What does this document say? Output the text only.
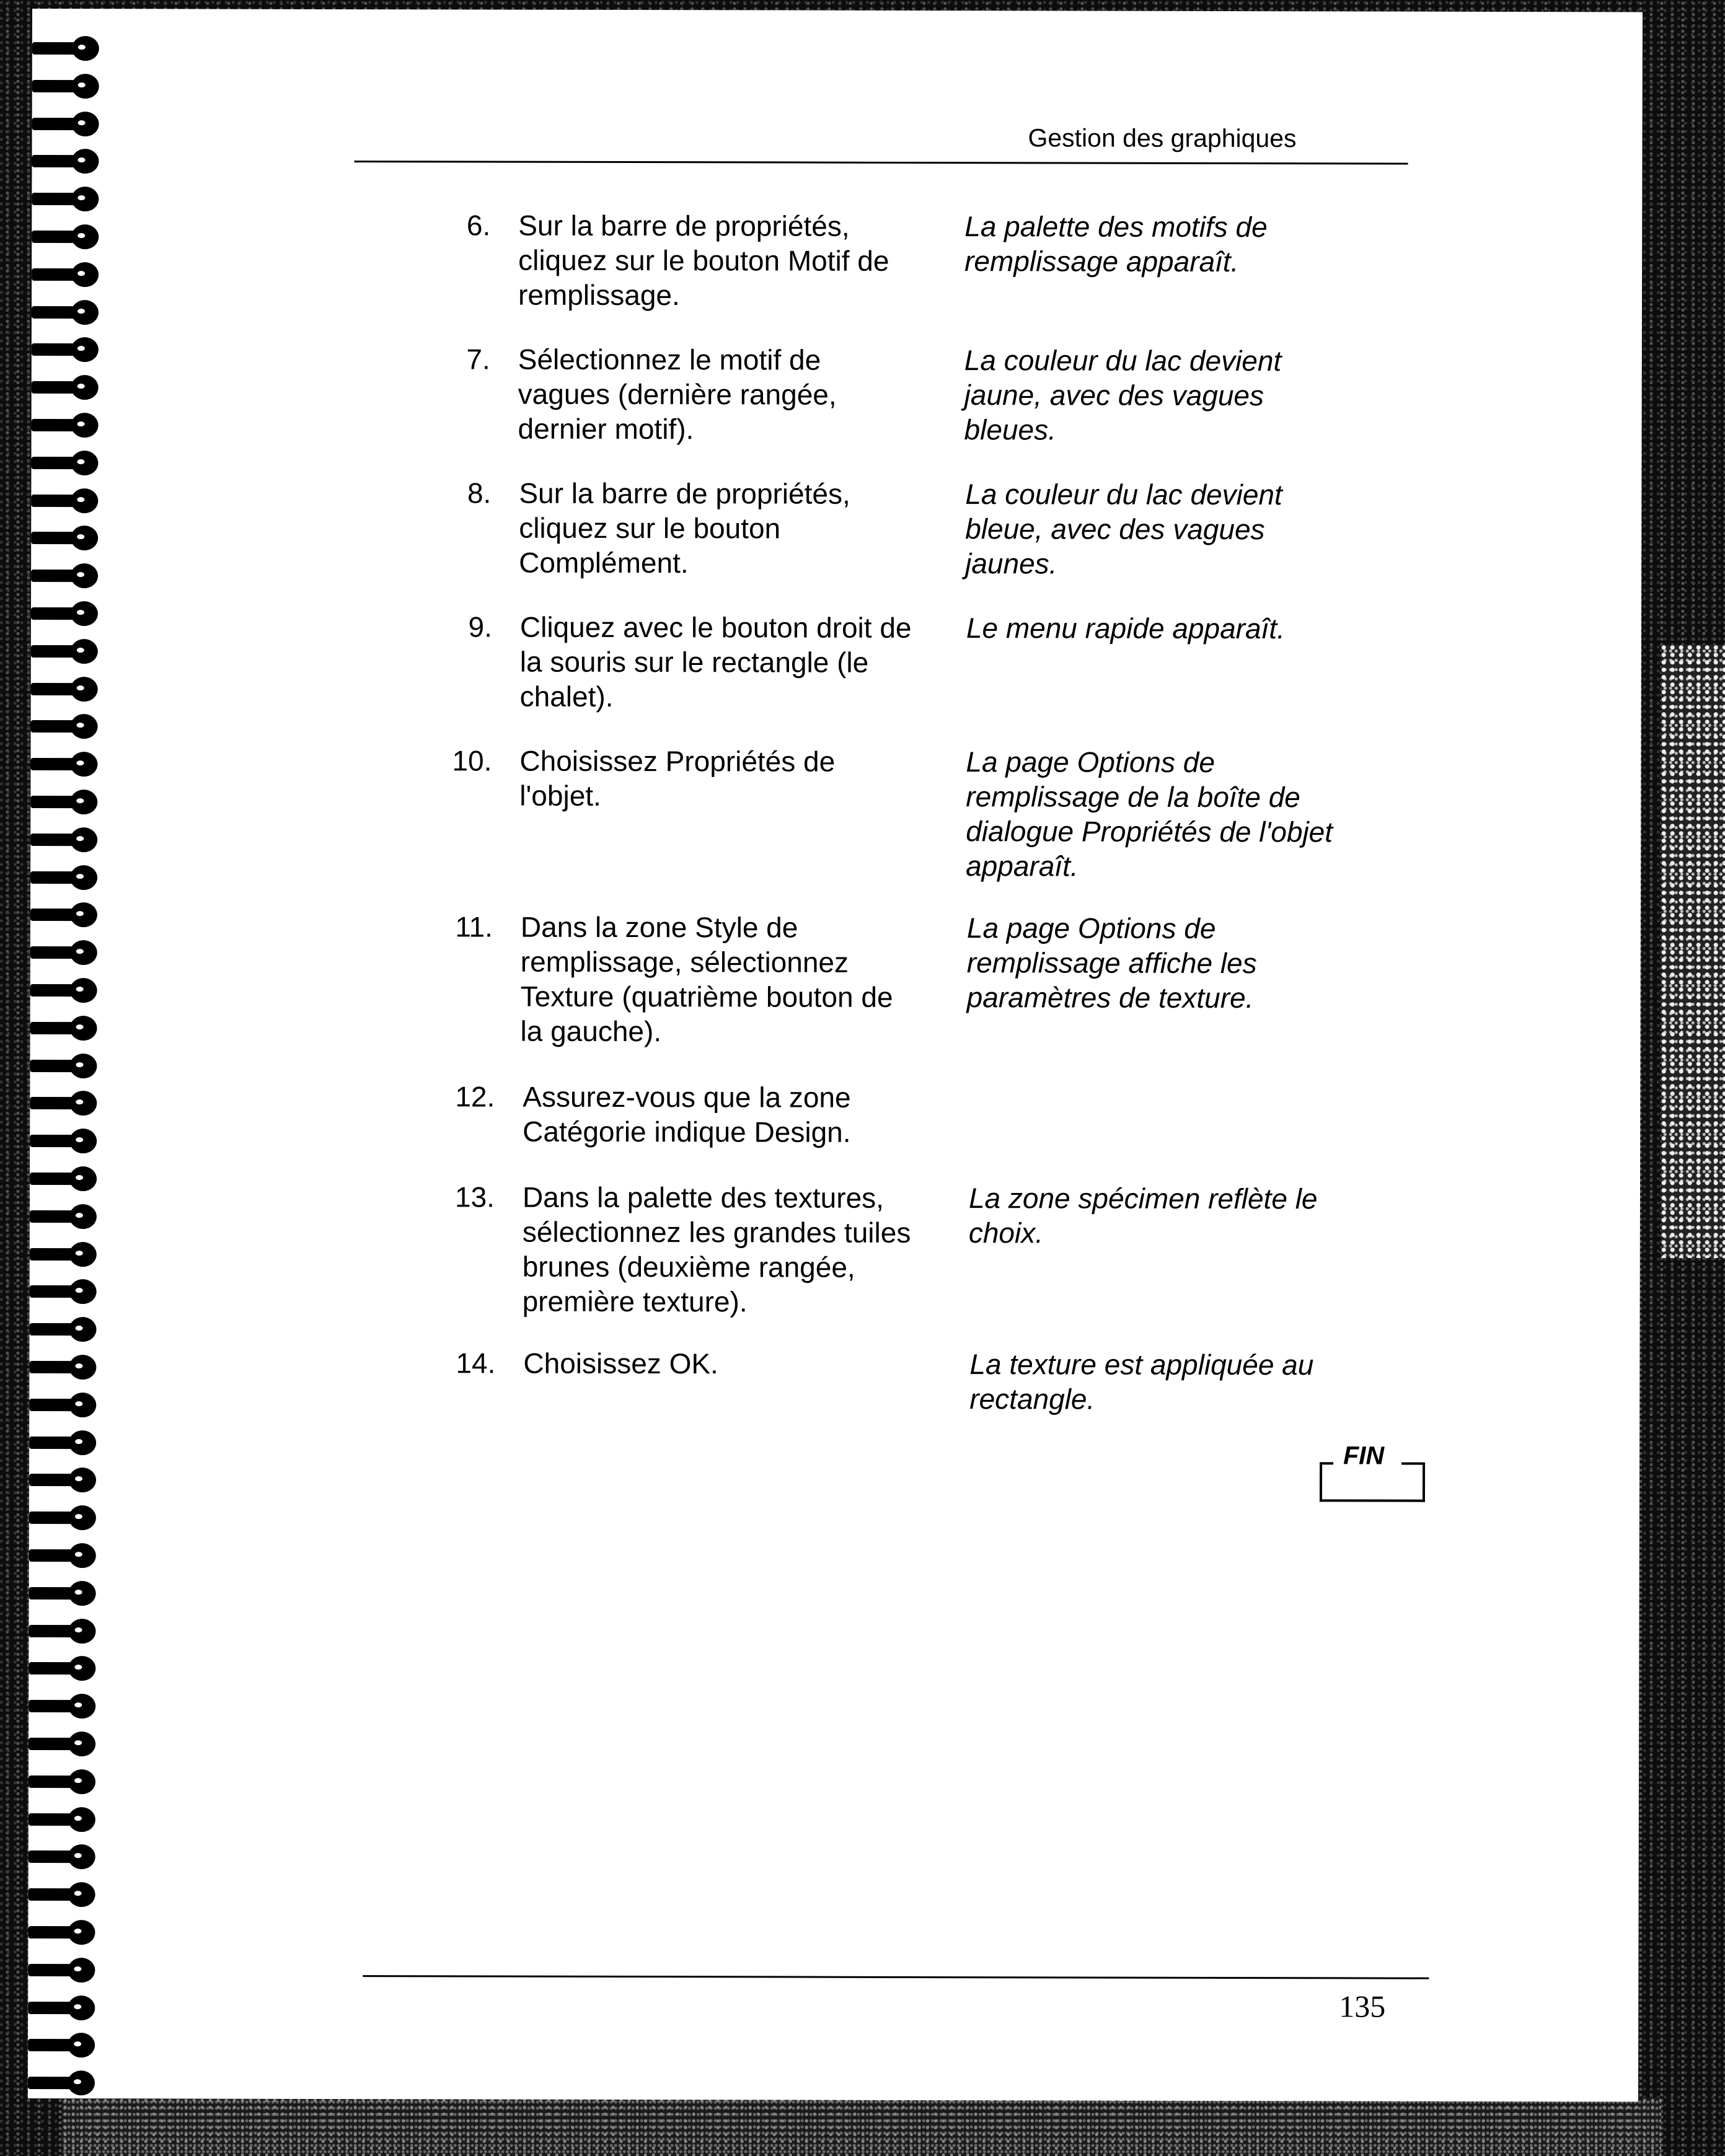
Gestion des graphiques
6. Sur la barre de propriétés,
cliquez sur le bouton Motif de
remplissage.
La palette des motifs de
remplissage apparaît.
7. Sélectionnez le motif de
vagues (dernière rangée,
dernier motif).
La couleur du lac devient
jaune, avec des vagues
bleues.
8. Sur la barre de propriétés,
cliquez sur le bouton
Complément.
La couleur du lac devient
bleue, avec des vagues
jaunes.
9. Cliquez avec le bouton droit de
la souris sur le rectangle (le
chalet).
Le menu rapide apparaît.
10. Choisissez Propriétés de
l'objet.
La page Options de
remplissage de la boîte de
dialogue Propriétés de l'objet
apparaît.
11. Dans la zone Style de
remplissage, sélectionnez
Texture (quatrième bouton de
la gauche).
La page Options de
remplissage affiche les
paramètres de texture.
12. Assurez-vous que la zone
Catégorie indique Design.
13. Dans la palette des textures,
sélectionnez les grandes tuiles
brunes (deuxième rangée,
première texture).
La zone spécimen reflète le
choix.
14. Choisissez OK.	La texture est appliquée au
rectangle.
FIN
135
